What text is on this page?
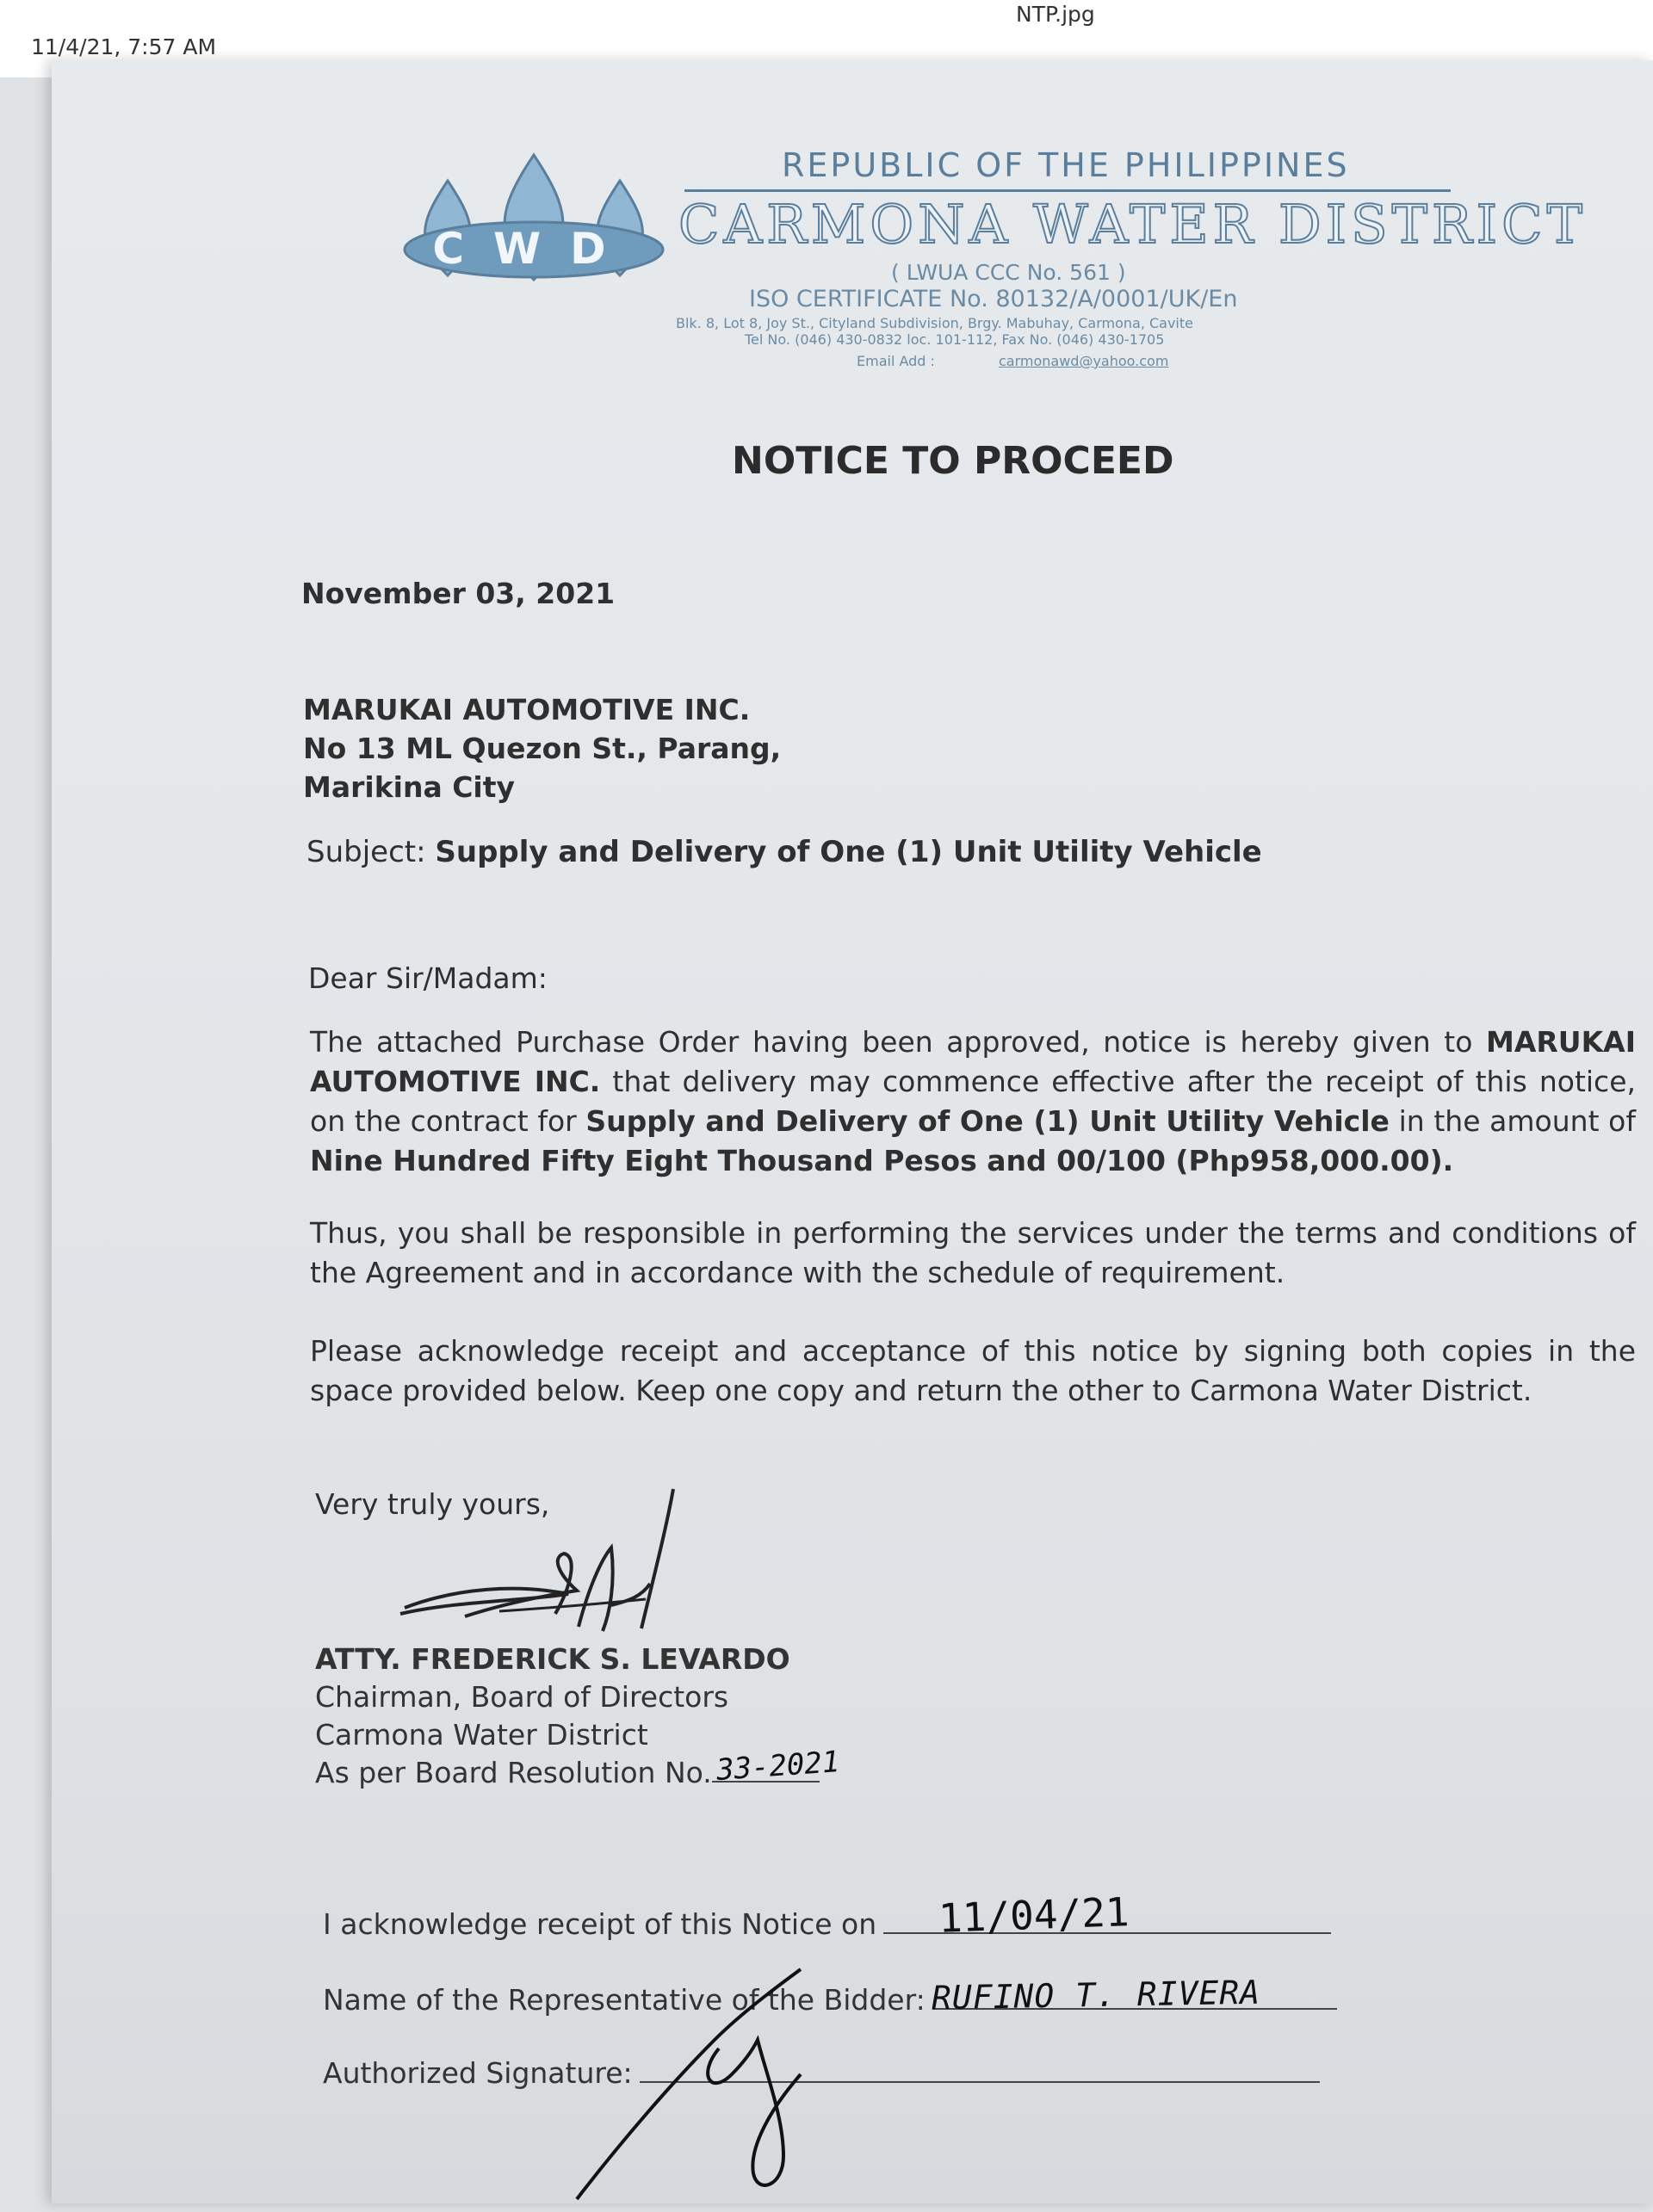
11/4/21, 7:57 AM
NTP.jpg
CWD
REPUBLIC OF THE PHILIPPINES
CARMONA WATER DISTRICT
( LWUA CCC No. 561 )
ISO CERTIFICATE No. 80132/A/0001/UK/En
Blk. 8, Lot 8, Joy St., Cityland Subdivision, Brgy. Mabuhay, Carmona, Cavite
Tel No. (046) 430-0832 loc. 101-112, Fax No. (046) 430-1705
Email Add :	carmonawd@yahoo.com
NOTICE TO PROCEED
November 03, 2021
MARUKAI AUTOMOTIVE INC.
No 13 ML Quezon St., Parang,
Marikina City
Subject: Supply and Delivery of One (1) Unit Utility Vehicle
Dear Sir/Madam:
The attached Purchase Order having been approved, notice is hereby given to MARUKAI AUTOMOTIVE INC. that delivery may commence effective after the receipt of this notice, on the contract for Supply and Delivery of One (1) Unit Utility Vehicle in the amount of Nine Hundred Fifty Eight Thousand Pesos and 00/100 (Php958,000.00).
Thus, you shall be responsible in performing the services under the terms and conditions of the Agreement and in accordance with the schedule of requirement.
Please acknowledge receipt and acceptance of this notice by signing both copies in the space provided below. Keep one copy and return the other to Carmona Water District.
Very truly yours,
ATTY. FREDERICK S. LEVARDO
Chairman, Board of Directors
Carmona Water District
As per Board Resolution No. 33-2021
I acknowledge receipt of this Notice on	11/04/21
Name of the Representative of the Bidder: RUFINO T. RIVERA
Authorized Signature:
